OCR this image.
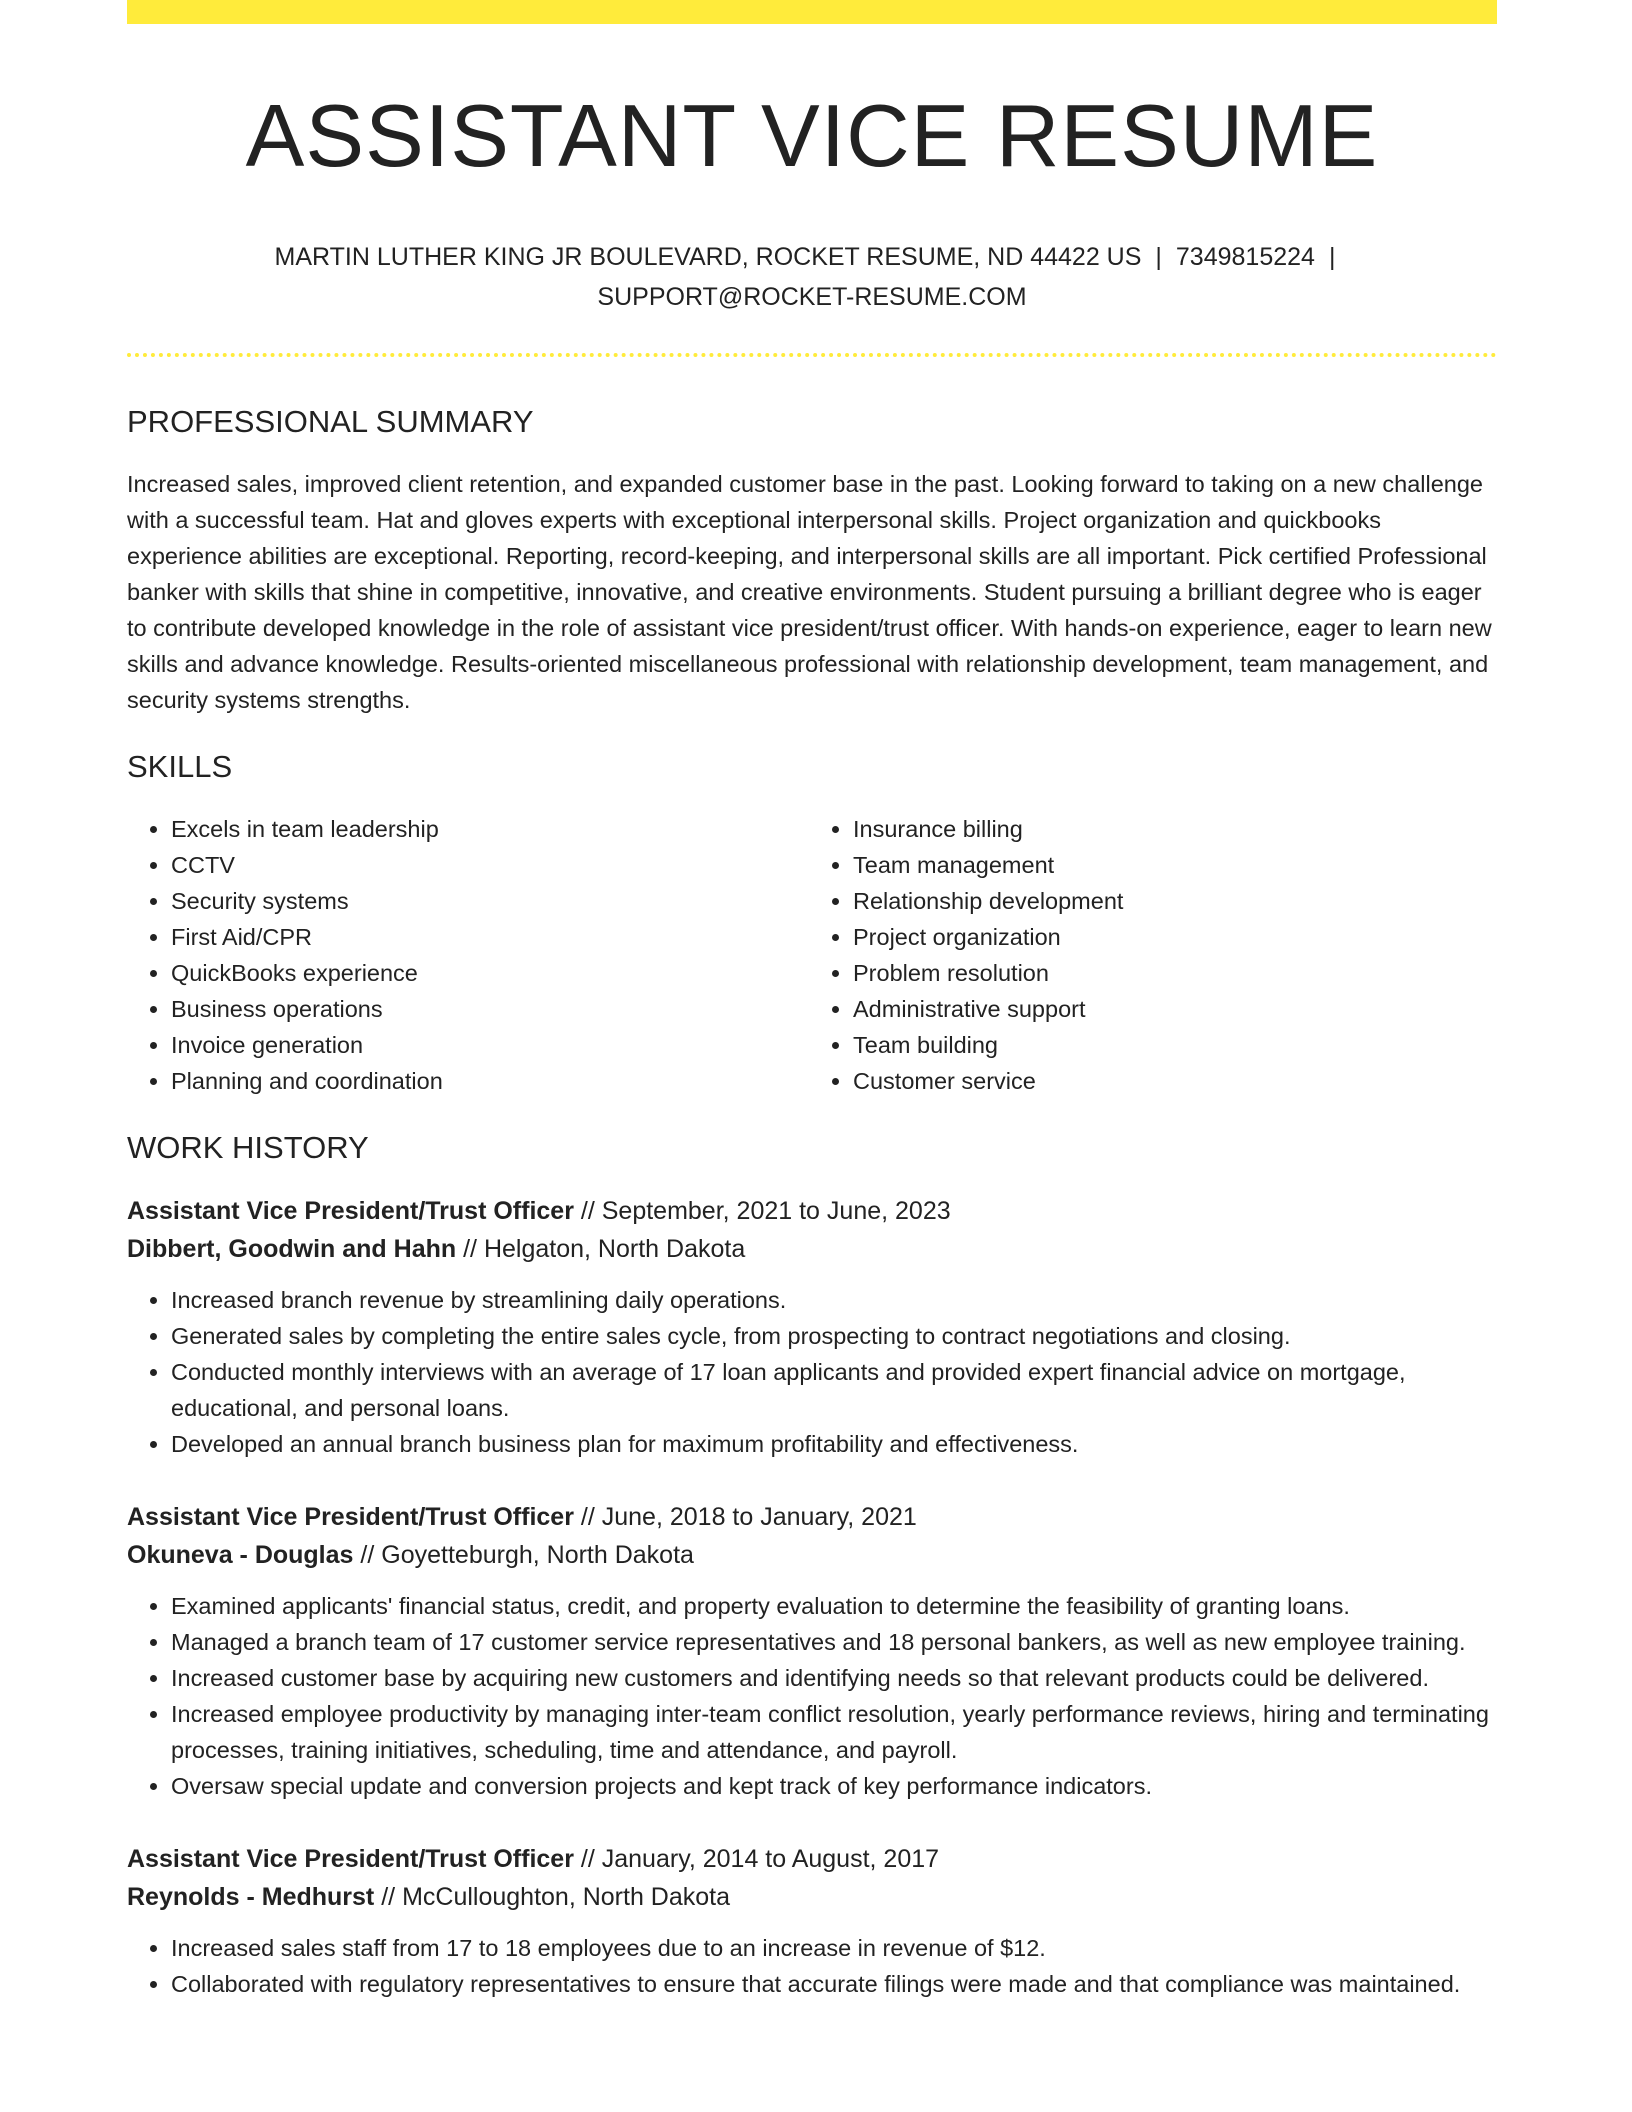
ASSISTANT VICE RESUME
MARTIN LUTHER KING JR BOULEVARD, ROCKET RESUME, ND 44422 US | 7349815224 |
SUPPORT@ROCKET-RESUME.COM
PROFESSIONAL SUMMARY

Increased sales, improved client retention, and expanded customer base in the past. Looking forward to taking on a new challenge with a successful team. Hat and gloves experts with exceptional interpersonal skills. Project organization and quickbooks experience abilities are exceptional. Reporting, record-keeping, and interpersonal skills are all important. Pick certified Professional banker with skills that shine in competitive, innovative, and creative environments. Student pursuing a brilliant degree who is eager to contribute developed knowledge in the role of assistant vice president/trust officer. With hands-on experience, eager to learn new skills and advance knowledge. Results-oriented miscellaneous professional with relationship development, team management, and security systems strengths.

SKILLS
• Excels in team leadership
• CCTV
• Security systems
• First Aid/CPR
• QuickBooks experience
• Business operations
• Invoice generation
• Planning and coordination
• Insurance billing
• Team management
• Relationship development
• Project organization
• Problem resolution
• Administrative support
• Team building
• Customer service
WORK HISTORY
Assistant Vice President/Trust Officer // September, 2021 to June, 2023
Dibbert, Goodwin and Hahn // Helgaton, North Dakota
• Increased branch revenue by streamlining daily operations.
• Generated sales by completing the entire sales cycle, from prospecting to contract negotiations and closing.
• Conducted monthly interviews with an average of 17 loan applicants and provided expert financial advice on mortgage, educational, and personal loans.
• Developed an annual branch business plan for maximum profitability and effectiveness.
Assistant Vice President/Trust Officer // June, 2018 to January, 2021
Okuneva - Douglas // Goyetteburgh, North Dakota
• Examined applicants' financial status, credit, and property evaluation to determine the feasibility of granting loans.
• Managed a branch team of 17 customer service representatives and 18 personal bankers, as well as new employee training.
• Increased customer base by acquiring new customers and identifying needs so that relevant products could be delivered.
• Increased employee productivity by managing inter-team conflict resolution, yearly performance reviews, hiring and terminating processes, training initiatives, scheduling, time and attendance, and payroll.
• Oversaw special update and conversion projects and kept track of key performance indicators.
Assistant Vice President/Trust Officer // January, 2014 to August, 2017
Reynolds - Medhurst // McCulloughton, North Dakota
• Increased sales staff from 17 to 18 employees due to an increase in revenue of $12.
• Collaborated with regulatory representatives to ensure that accurate filings were made and that compliance was maintained.
